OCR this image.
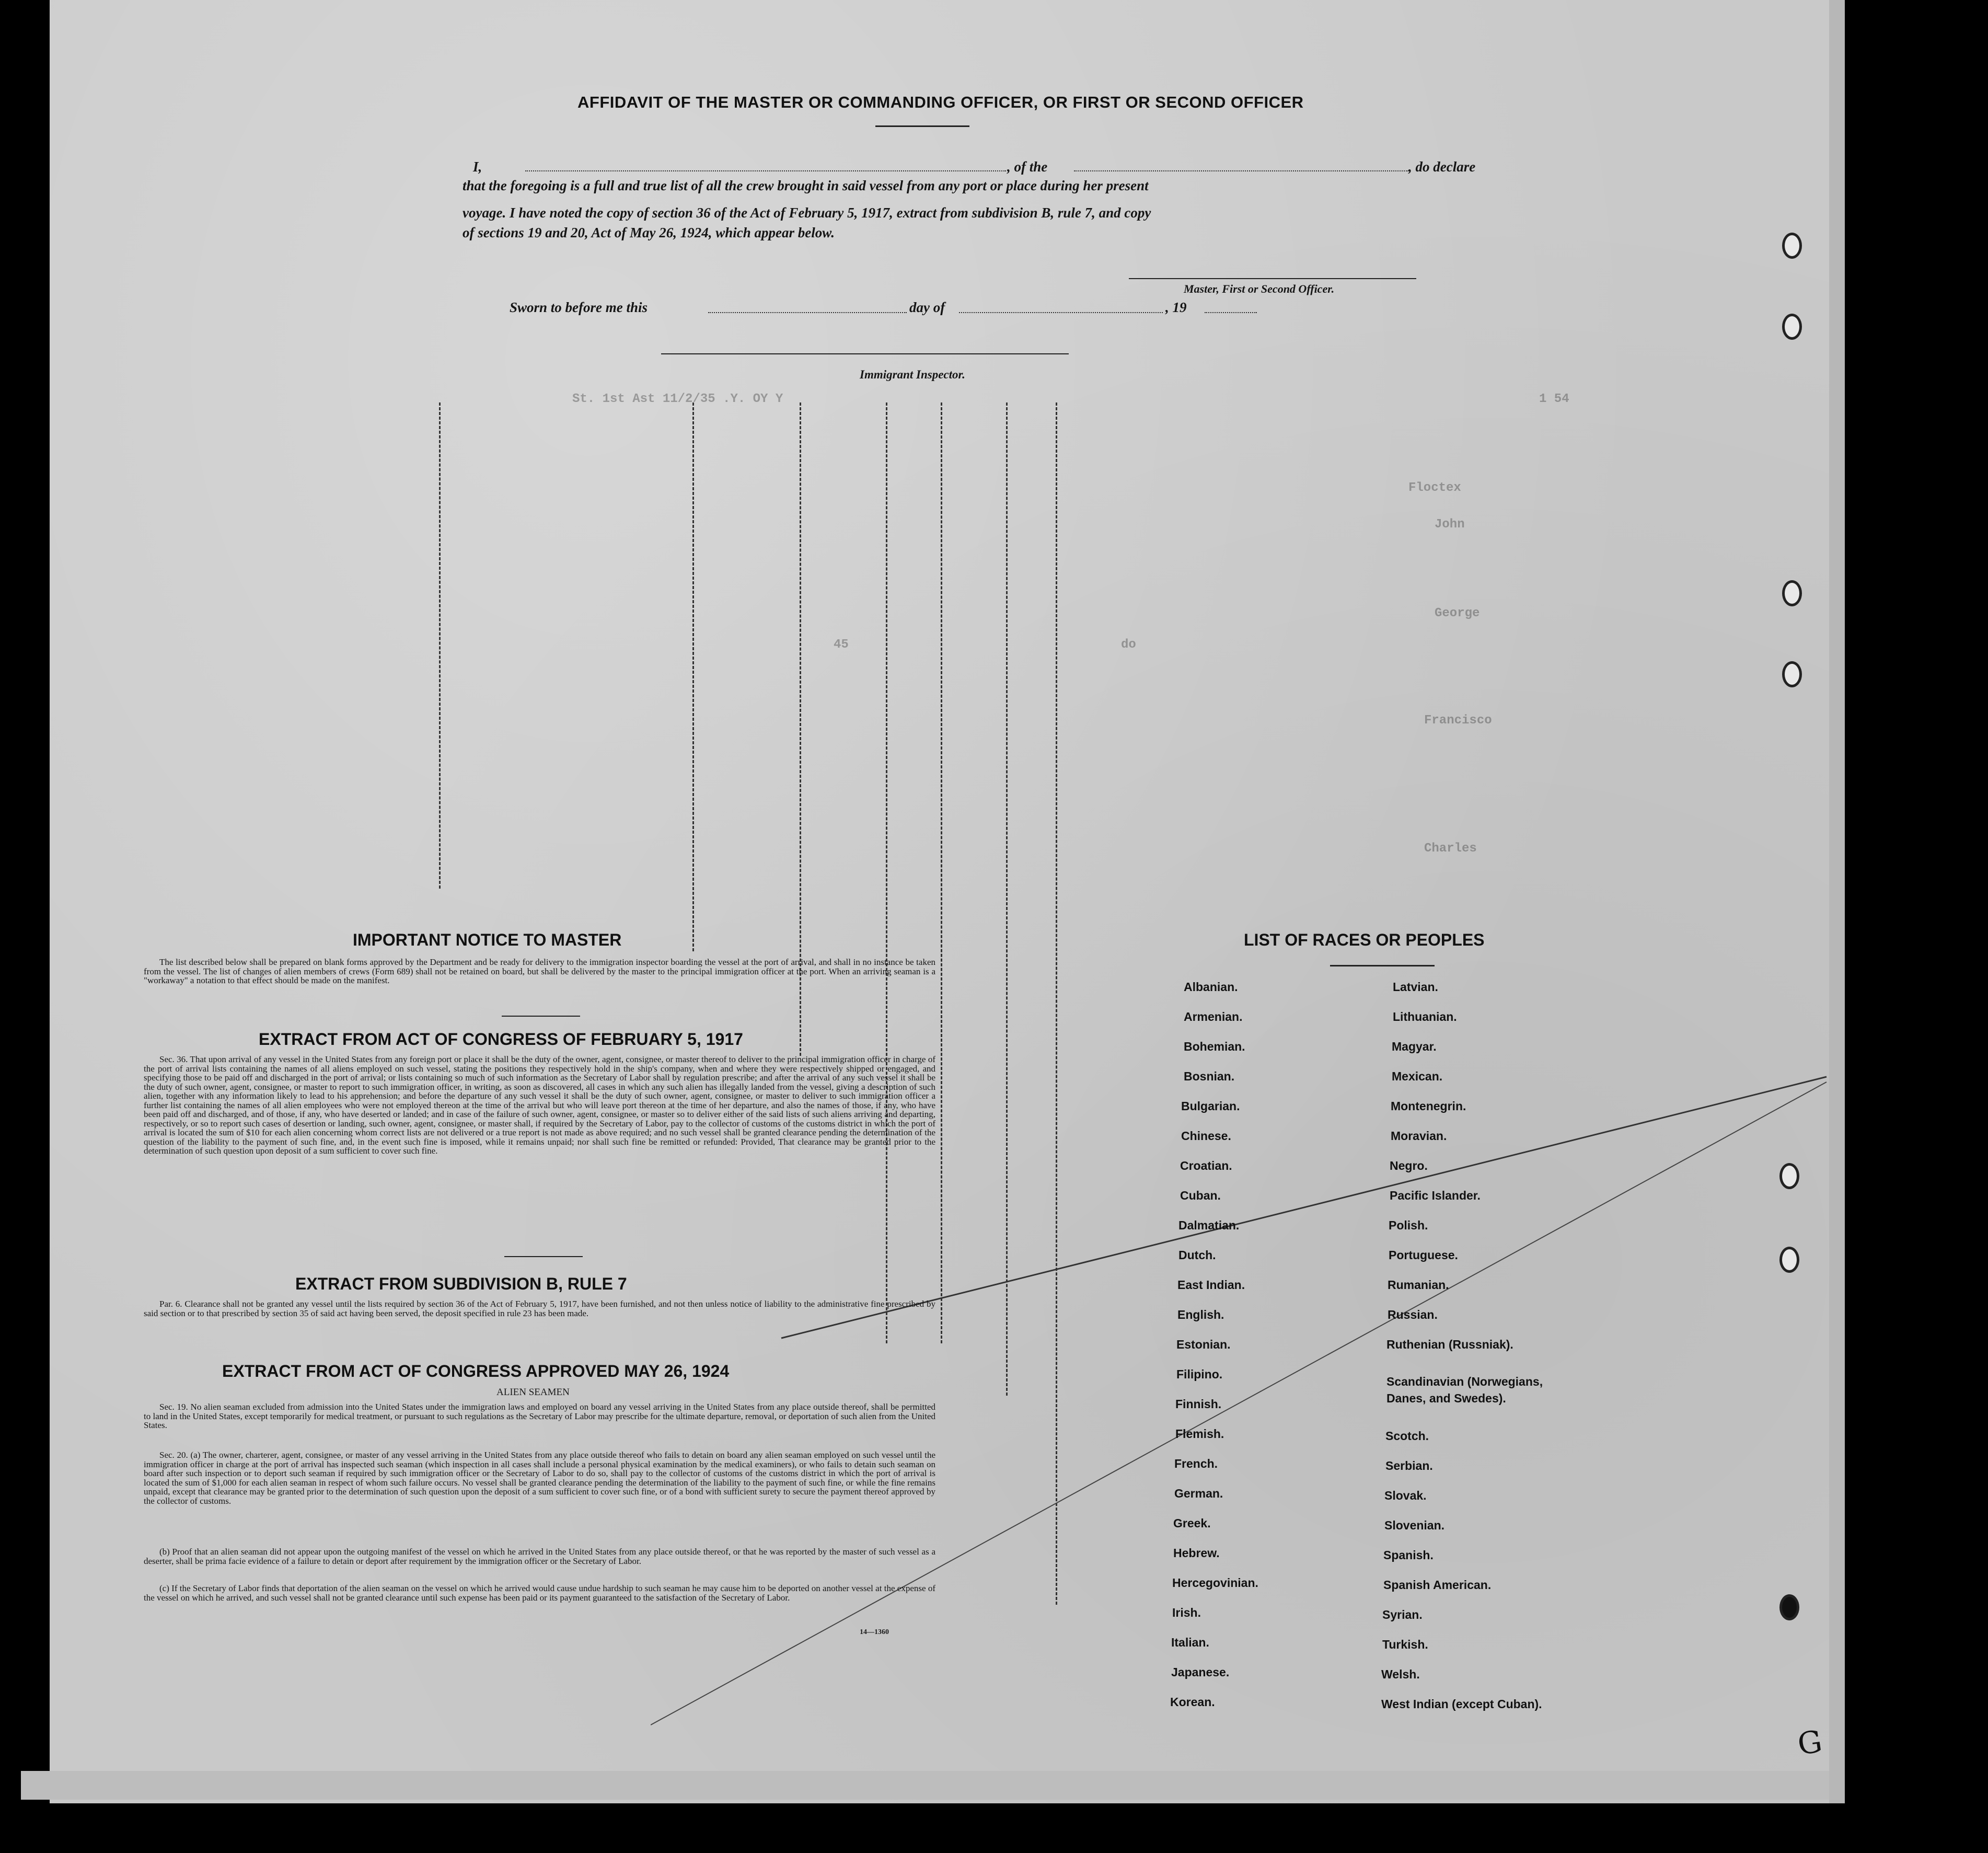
St. 1st Ast 11/2/35 .Y. OY Y	1 54
Floctex
John
George
45	do
Francisco
Charles
AFFIDAVIT OF THE MASTER OR COMMANDING OFFICER, OR FIRST OR SECOND OFFICER
I,	, of the	, do declare
that the foregoing is a full and true list of all the crew brought in said vessel from any port or place during her present
voyage. I have noted the copy of section 36 of the Act of February 5, 1917, extract from subdivision B, rule 7, and copy
of sections 19 and 20, Act of May 26, 1924, which appear below.
Master, First or Second Officer.
Sworn to before me this	day of	, 19
Immigrant Inspector.
IMPORTANT NOTICE TO MASTER
The list described below shall be prepared on blank forms approved by the Department and be ready for delivery to the immigration inspector boarding the vessel at the port of arrival, and shall in no instance be taken from the vessel. The list of changes of alien members of crews (Form 689) shall not be retained on board, but shall be delivered by the master to the principal immigration officer at the port. When an arriving seaman is a "workaway" a notation to that effect should be made on the manifest.
EXTRACT FROM ACT OF CONGRESS OF FEBRUARY 5, 1917
Sec. 36. That upon arrival of any vessel in the United States from any foreign port or place it shall be the duty of the owner, agent, consignee, or master thereof to deliver to the principal immigration officer in charge of the port of arrival lists containing the names of all aliens employed on such vessel, stating the positions they respectively hold in the ship's company, when and where they were respectively shipped or engaged, and specifying those to be paid off and discharged in the port of arrival; or lists containing so much of such information as the Secretary of Labor shall by regulation prescribe; and after the arrival of any such vessel it shall be the duty of such owner, agent, consignee, or master to report to such immigration officer, in writing, as soon as discovered, all cases in which any such alien has illegally landed from the vessel, giving a description of such alien, together with any information likely to lead to his apprehension; and before the departure of any such vessel it shall be the duty of such owner, agent, consignee, or master to deliver to such immigration officer a further list containing the names of all alien employees who were not employed thereon at the time of the arrival but who will leave port thereon at the time of her departure, and also the names of those, if any, who have been paid off and discharged, and of those, if any, who have deserted or landed; and in case of the failure of such owner, agent, consignee, or master so to deliver either of the said lists of such aliens arriving and departing, respectively, or so to report such cases of desertion or landing, such owner, agent, consignee, or master shall, if required by the Secretary of Labor, pay to the collector of customs of the customs district in which the port of arrival is located the sum of $10 for each alien concerning whom correct lists are not delivered or a true report is not made as above required; and no such vessel shall be granted clearance pending the determination of the question of the liability to the payment of such fine, and, in the event such fine is imposed, while it remains unpaid; nor shall such fine be remitted or refunded: Provided, That clearance may be granted prior to the determination of such question upon deposit of a sum sufficient to cover such fine.
EXTRACT FROM SUBDIVISION B, RULE 7
Par. 6. Clearance shall not be granted any vessel until the lists required by section 36 of the Act of February 5, 1917, have been furnished, and not then unless notice of liability to the administrative fine prescribed by said section or to that prescribed by section 35 of said act having been served, the deposit specified in rule 23 has been made.
EXTRACT FROM ACT OF CONGRESS APPROVED MAY 26, 1924
ALIEN SEAMEN
Sec. 19. No alien seaman excluded from admission into the United States under the immigration laws and employed on board any vessel arriving in the United States from any place outside thereof, shall be permitted to land in the United States, except temporarily for medical treatment, or pursuant to such regulations as the Secretary of Labor may prescribe for the ultimate departure, removal, or deportation of such alien from the United States.
Sec. 20. (a) The owner, charterer, agent, consignee, or master of any vessel arriving in the United States from any place outside thereof who fails to detain on board any alien seaman employed on such vessel until the immigration officer in charge at the port of arrival has inspected such seaman (which inspection in all cases shall include a personal physical examination by the medical examiners), or who fails to detain such seaman on board after such inspection or to deport such seaman if required by such immigration officer or the Secretary of Labor to do so, shall pay to the collector of customs of the customs district in which the port of arrival is located the sum of $1,000 for each alien seaman in respect of whom such failure occurs. No vessel shall be granted clearance pending the determination of the liability to the payment of such fine, or while the fine remains unpaid, except that clearance may be granted prior to the determination of such question upon the deposit of a sum sufficient to cover such fine, or of a bond with sufficient surety to secure the payment thereof approved by the collector of customs.
(b) Proof that an alien seaman did not appear upon the outgoing manifest of the vessel on which he arrived in the United States from any place outside thereof, or that he was reported by the master of such vessel as a deserter, shall be prima facie evidence of a failure to detain or deport after requirement by the immigration officer or the Secretary of Labor.
(c) If the Secretary of Labor finds that deportation of the alien seaman on the vessel on which he arrived would cause undue hardship to such seaman he may cause him to be deported on another vessel at the expense of the vessel on which he arrived, and such vessel shall not be granted clearance until such expense has been paid or its payment guaranteed to the satisfaction of the Secretary of Labor.
14—1360
LIST OF RACES OR PEOPLES
Albanian.
Armenian.
Bohemian.
Bosnian.
Bulgarian.
Chinese.
Croatian.
Cuban.
Dalmatian.
Dutch.
East Indian.
English.
Estonian.
Filipino.
Finnish.
Flemish.
French.
German.
Greek.
Hebrew.
Hercegovinian.
Irish.
Italian.
Japanese.
Korean.
Latvian.
Lithuanian.
Magyar.
Mexican.
Montenegrin.
Moravian.
Negro.
Pacific Islander.
Polish.
Portuguese.
Rumanian.
Russian.
Ruthenian (Russniak).
Scandinavian (Norwegians,
Danes, and Swedes).
Scotch.
Serbian.
Slovak.
Slovenian.
Spanish.
Spanish American.
Syrian.
Turkish.
Welsh.
West Indian (except Cuban).
G
